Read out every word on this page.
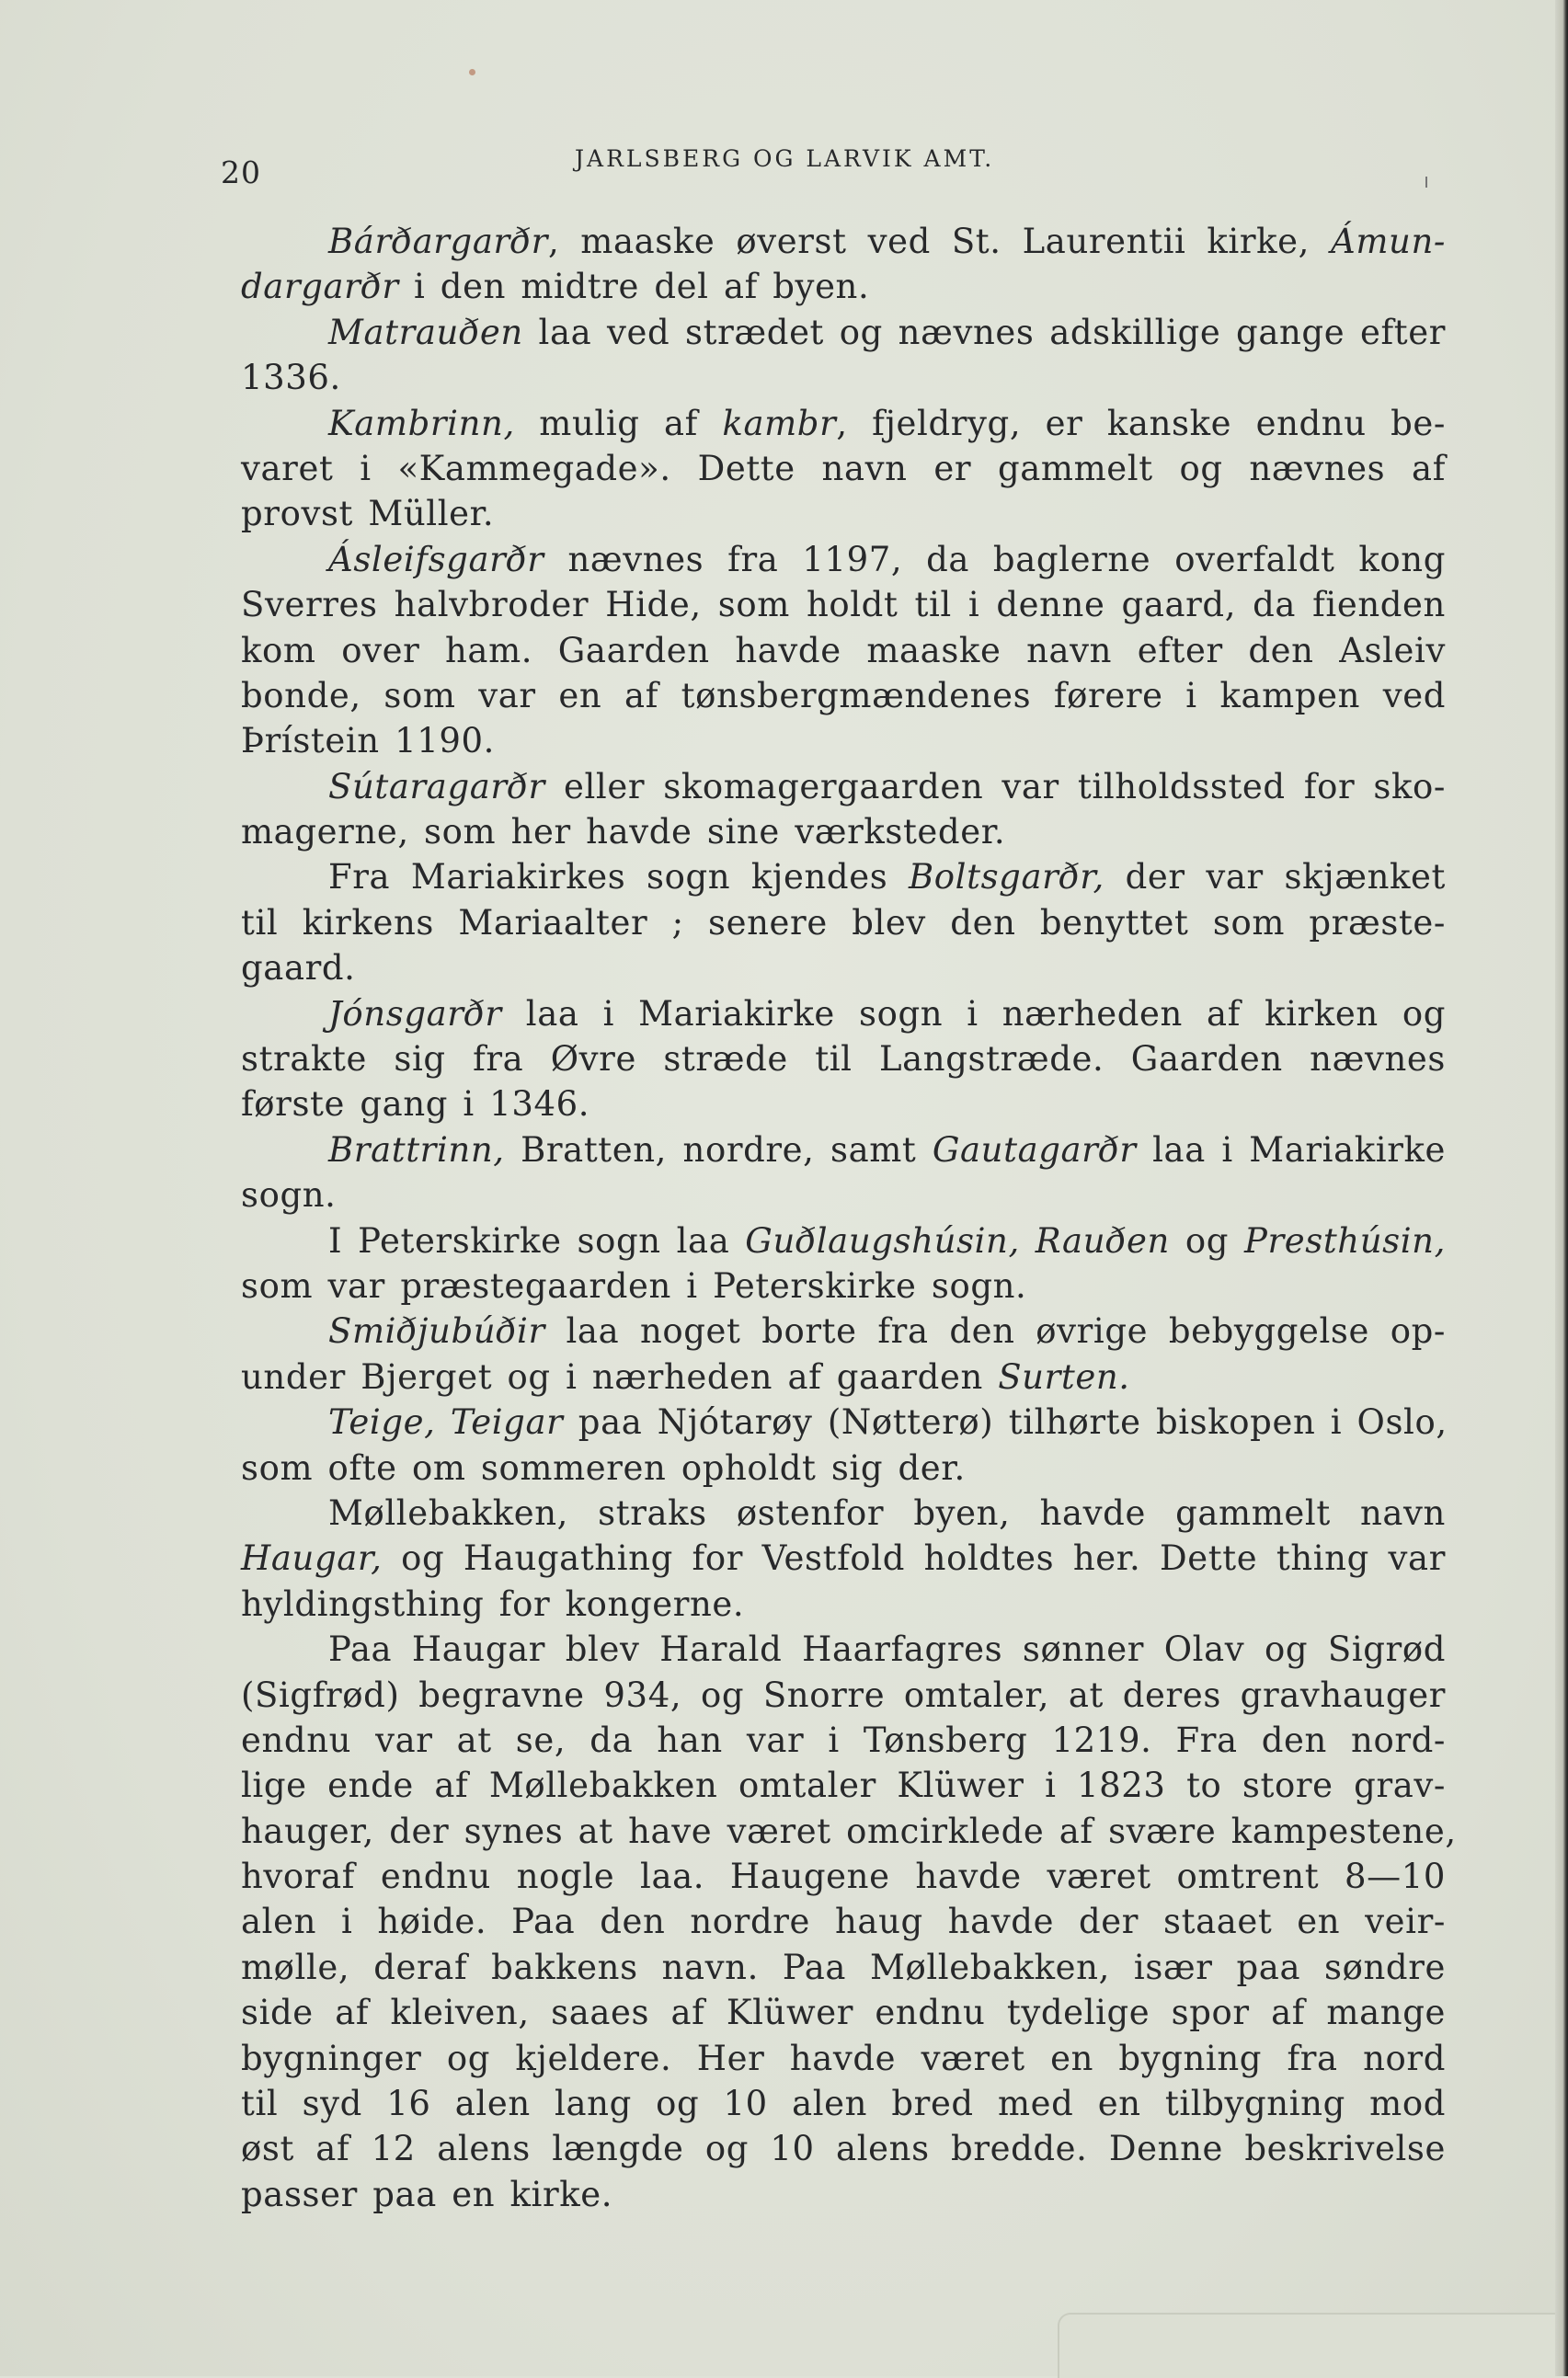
20	JARLSBERG OG LARVIK AMT.
Bárðargarðr, maaske øverst ved St. Laurentii kirke, Ámun-
dargarðr i den midtre del af byen.
Matrauðen laa ved strædet og nævnes adskillige gange efter
1336.
Kambrinn, mulig af kambr, fjeldryg, er kanske endnu be-
varet i «Kammegade». Dette navn er gammelt og nævnes af
provst Müller.
Ásleifsgarðr nævnes fra 1197, da baglerne overfaldt kong
Sverres halvbroder Hide, som holdt til i denne gaard, da fienden
kom over ham. Gaarden havde maaske navn efter den Asleiv
bonde, som var en af tønsbergmændenes førere i kampen ved
Þrístein 1190.
Sútaragarðr eller skomagergaarden var tilholdssted for sko-
magerne, som her havde sine værksteder.
Fra Mariakirkes sogn kjendes Boltsgarðr, der var skjænket
til kirkens Mariaalter ; senere blev den benyttet som præste-
gaard.
Jónsgarðr laa i Mariakirke sogn i nærheden af kirken og
strakte sig fra Øvre stræde til Langstræde. Gaarden nævnes
første gang i 1346.
Brattrinn, Bratten, nordre, samt Gautagarðr laa i Mariakirke
sogn.
I Peterskirke sogn laa Guðlaugshúsin, Rauðen og Presthúsin,
som var præstegaarden i Peterskirke sogn.
Smiðjubúðir laa noget borte fra den øvrige bebyggelse op-
under Bjerget og i nærheden af gaarden Surten.
Teige, Teigar paa Njótarøy (Nøtterø) tilhørte biskopen i Oslo,
som ofte om sommeren opholdt sig der.
Møllebakken, straks østenfor byen, havde gammelt navn
Haugar, og Haugathing for Vestfold holdtes her. Dette thing var
hyldingsthing for kongerne.
Paa Haugar blev Harald Haarfagres sønner Olav og Sigrød
(Sigfrød) begravne 934, og Snorre omtaler, at deres gravhauger
endnu var at se, da han var i Tønsberg 1219. Fra den nord-
lige ende af Møllebakken omtaler Klüwer i 1823 to store grav-
hauger, der synes at have været omcirklede af svære kampestene,
hvoraf endnu nogle laa. Haugene havde været omtrent 8—10
alen i høide. Paa den nordre haug havde der staaet en veir-
mølle, deraf bakkens navn. Paa Møllebakken, især paa søndre
side af kleiven, saaes af Klüwer endnu tydelige spor af mange
bygninger og kjeldere. Her havde været en bygning fra nord
til syd 16 alen lang og 10 alen bred med en tilbygning mod
øst af 12 alens længde og 10 alens bredde. Denne beskrivelse
passer paa en kirke.
